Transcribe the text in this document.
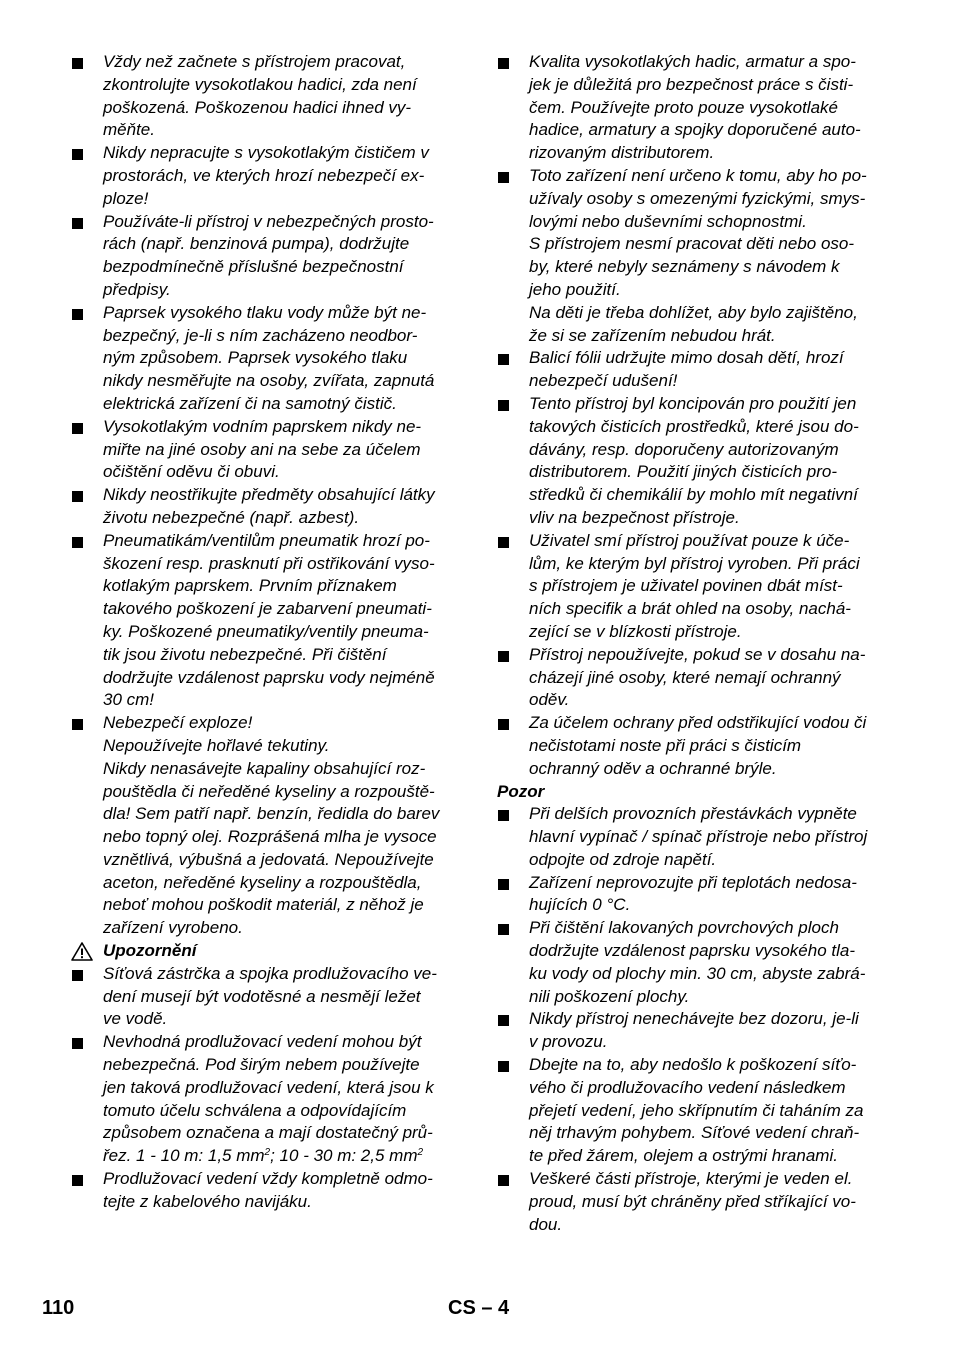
Vždy než začnete s přístrojem pracovat,
zkontrolujte vysokotlakou hadici, zda není
poškozená. Poškozenou hadici ihned vy-
měňte.
Nikdy nepracujte s vysokotlakým čističem v
prostorách, ve kterých hrozí nebezpečí ex-
ploze!
Používáte-li přístroj v nebezpečných prosto-
rách (např. benzinová pumpa), dodržujte
bezpodmínečně příslušné bezpečnostní
předpisy.
Paprsek vysokého tlaku vody může být ne-
bezpečný, je-li s ním zacházeno neodbor-
ným způsobem. Paprsek vysokého tlaku
nikdy nesměřujte na osoby, zvířata, zapnutá
elektrická zařízení či na samotný čistič.
Vysokotlakým vodním paprskem nikdy ne-
miřte na jiné osoby ani na sebe za účelem
očištění oděvu či obuvi.
Nikdy neostřikujte předměty obsahující látky
životu nebezpečné (např. azbest).
Pneumatikám/ventilům pneumatik hrozí po-
škození resp. prasknutí při ostřikování vyso-
kotlakým paprskem. Prvním příznakem
takového poškození je zabarvení pneumati-
ky. Poškozené pneumatiky/ventily pneuma-
tik jsou životu nebezpečné. Při čištění
dodržujte vzdálenost paprsku vody nejméně
30 cm!
Nebezpečí exploze!
Nepoužívejte hořlavé tekutiny.
Nikdy nenasávejte kapaliny obsahující roz-
pouštědla či neředěné kyseliny a rozpouště-
dla! Sem patří např. benzín, ředidla do barev
nebo topný olej. Rozprášená mlha je vysoce
vznětlivá, výbušná a jedovatá. Nepoužívejte
aceton, neředěné kyseliny a rozpouštědla,
neboť mohou poškodit materiál, z něhož je
zařízení vyrobeno.
Upozornění
Síťová zástrčka a spojka prodlužovacího ve-
dení musejí být vodotěsné a nesmějí ležet
ve vodě.
Nevhodná prodlužovací vedení mohou být
nebezpečná. Pod širým nebem používejte
jen taková prodlužovací vedení, která jsou k
tomuto účelu schválena a odpovídajícím
způsobem označena a mají dostatečný prů-
řez. 1 - 10 m: 1,5 $mm^2$; 10 - 30 m: 2,5 $mm^2$
Prodlužovací vedení vždy kompletně odmo-
tejte z kabelového navijáku.
Kvalita vysokotlakých hadic, armatur a spo-
jek je důležitá pro bezpečnost práce s čisti-
čem. Používejte proto pouze vysokotlaké
hadice, armatury a spojky doporučené auto-
rizovaným distributorem.
Toto zařízení není určeno k tomu, aby ho po-
užívaly osoby s omezenými fyzickými, smys-
lovými nebo duševními schopnostmi.
S přístrojem nesmí pracovat děti nebo oso-
by, které nebyly seznámeny s návodem k
jeho použití.
Na děti je třeba dohlížet, aby bylo zajištěno,
že si se zařízením nebudou hrát.
Balicí fólii udržujte mimo dosah dětí, hrozí
nebezpečí udušení!
Tento přístroj byl koncipován pro použití jen
takových čisticích prostředků, které jsou do-
dávány, resp. doporučeny autorizovaným
distributorem. Použití jiných čisticích pro-
středků či chemikálií by mohlo mít negativní
vliv na bezpečnost přístroje.
Uživatel smí přístroj používat pouze k úče-
lům, ke kterým byl přístroj vyroben. Při práci
s přístrojem je uživatel povinen dbát míst-
ních specifik a brát ohled na osoby, nachá-
zející se v blízkosti přístroje.
Přístroj nepoužívejte, pokud se v dosahu na-
cházejí jiné osoby, které nemají ochranný
oděv.
Za účelem ochrany před odstřikující vodou či
nečistotami noste při práci s čisticím
ochranný oděv a ochranné brýle.
Pozor
Při delších provozních přestávkách vypněte
hlavní vypínač / spínač přístroje nebo přístroj
odpojte od zdroje napětí.
Zařízení neprovozujte při teplotách nedosa-
hujících 0 °C.
Při čištění lakovaných povrchových ploch
dodržujte vzdálenost paprsku vysokého tla-
ku vody od plochy min. 30 cm, abyste zabrá-
nili poškození plochy.
Nikdy přístroj nenechávejte bez dozoru, je-li
v provozu.
Dbejte na to, aby nedošlo k poškození síťo-
vého či prodlužovacího vedení následkem
přejetí vedení, jeho skřípnutím či taháním za
něj trhavým pohybem. Síťové vedení chraň-
te před žárem, olejem a ostrými hranami.
Veškeré části přístroje, kterými je veden el.
proud, musí být chráněny před stříkající vo-
dou.
110	CS – 4
